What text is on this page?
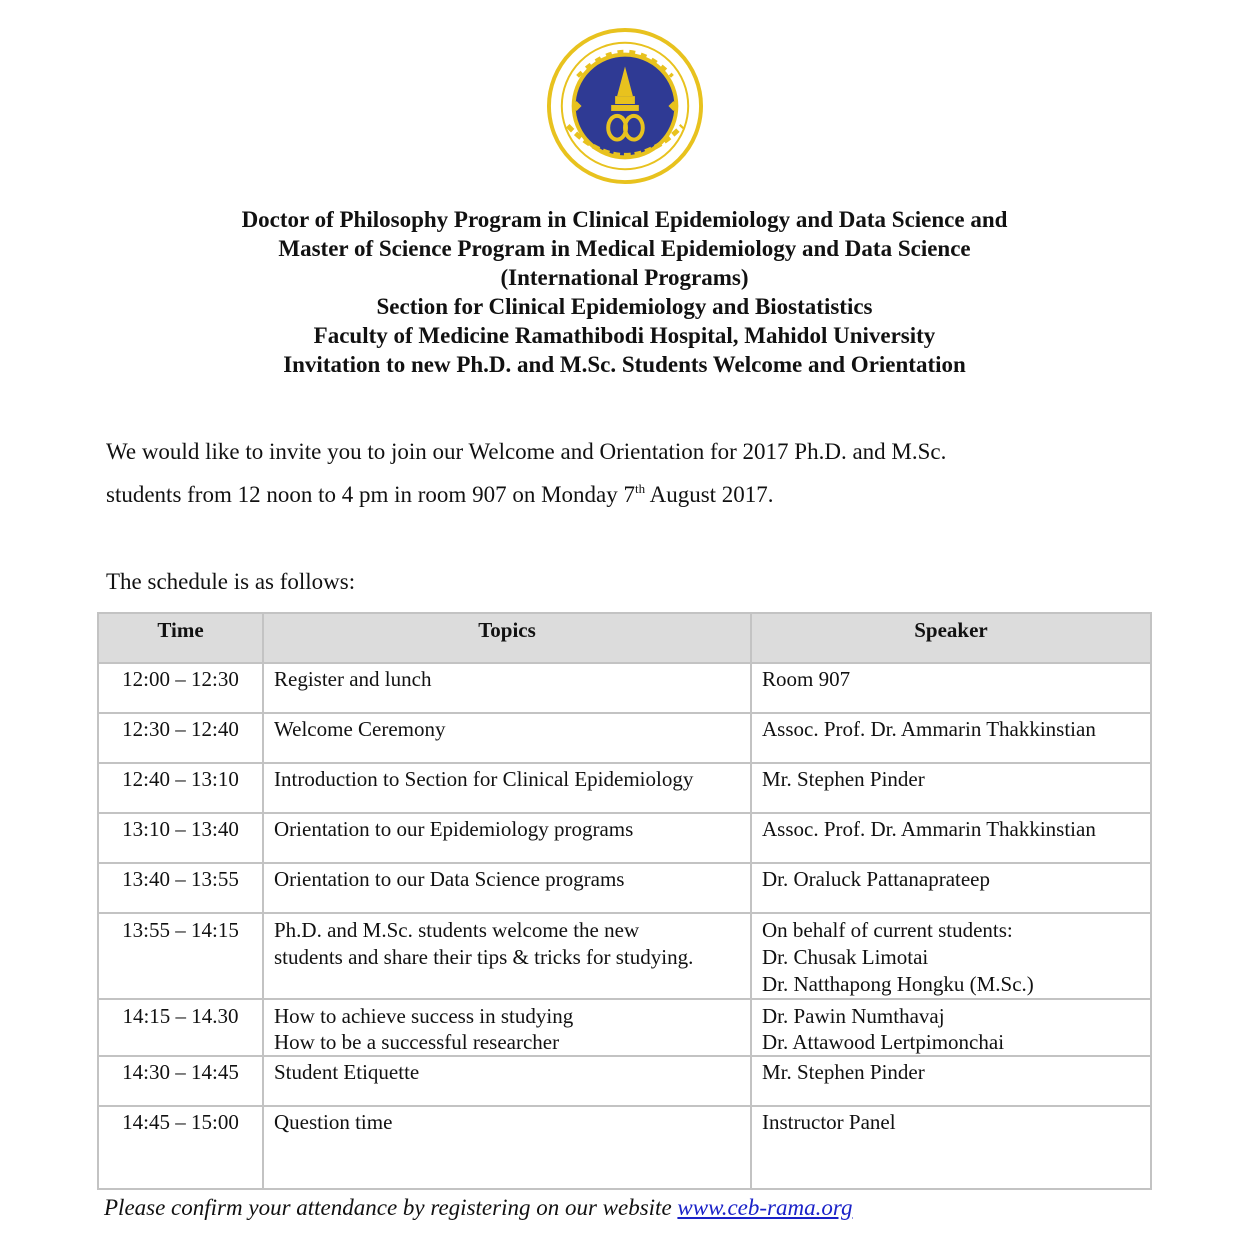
Doctor of Philosophy Program in Clinical Epidemiology and Data Science and
Master of Science Program in Medical Epidemiology and Data Science
(International Programs)
Section for Clinical Epidemiology and Biostatistics
Faculty of Medicine Ramathibodi Hospital, Mahidol University
Invitation to new Ph.D. and M.Sc. Students Welcome and Orientation
We would like to invite you to join our Welcome and Orientation for 2017 Ph.D. and M.Sc.
students from 12 noon to 4 pm in room 907 on Monday 7th August 2017.
The schedule is as follows:
Time	Topics	Speaker
12:00 – 12:30	Register and lunch	Room 907
12:30 – 12:40	Welcome Ceremony	Assoc. Prof. Dr. Ammarin Thakkinstian
12:40 – 13:10	Introduction to Section for Clinical Epidemiology	Mr. Stephen Pinder
13:10 – 13:40	Orientation to our Epidemiology programs	Assoc. Prof. Dr. Ammarin Thakkinstian
13:40 – 13:55	Orientation to our Data Science programs	Dr. Oraluck Pattanaprateep
13:55 – 14:15	Ph.D. and M.Sc. students welcome the new
students and share their tips & tricks for studying.	On behalf of current students:
Dr. Chusak Limotai
Dr. Natthapong Hongku (M.Sc.)

14:15 – 14.30	How to achieve success in studying
How to be a successful researcher	Dr. Pawin Numthavaj
Dr. Attawood Lertpimonchai

14:30 – 14:45	Student Etiquette	Mr. Stephen Pinder
14:45 – 15:00	Question time	Instructor Panel
Please confirm your attendance by registering on our website www.ceb-rama.org
